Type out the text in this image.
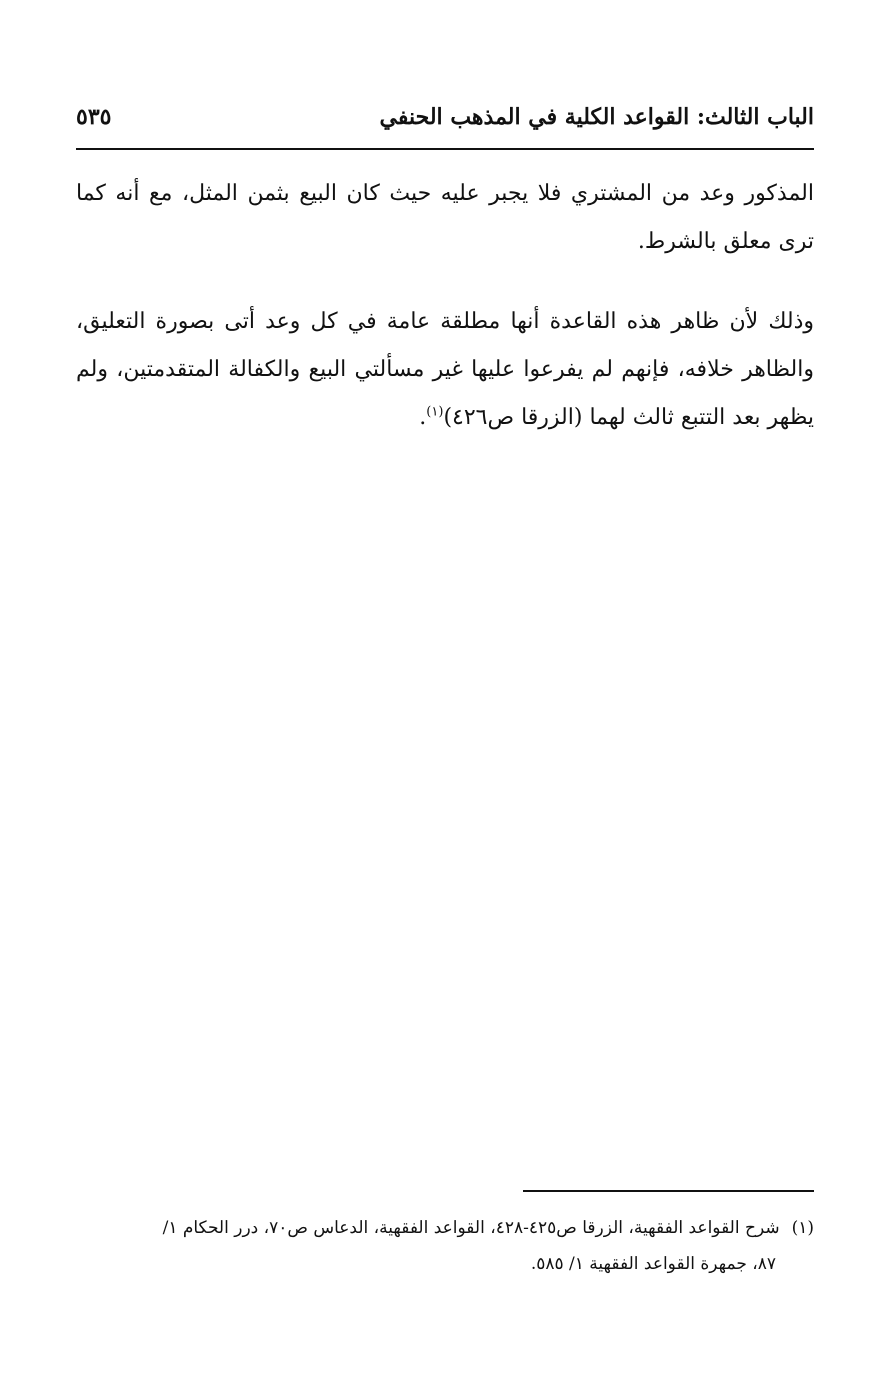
الباب الثالث: القواعد الكلية في المذهب الحنفي
٥٣٥
المذكور وعد من المشتري فلا يجبر عليه حيث كان البيع بثمن المثل، مع أنه كما ترى معلق بالشرط.
وذلك لأن ظاهر هذه القاعدة أنها مطلقة عامة في كل وعد أتى بصورة التعليق، والظاهر خلافه، فإنهم لم يفرعوا عليها غير مسألتي البيع والكفالة المتقدمتين، ولم يظهر بعد التتبع ثالث لهما (الزرقا ص٤٢٦)$^{(١)}$.
(١)شرح القواعد الفقهية، الزرقا ص٤٢٥-٤٢٨، القواعد الفقهية، الدعاس ص٧٠، درر الحكام ١/
٨٧، جمهرة القواعد الفقهية ١/ ٥٨٥.
